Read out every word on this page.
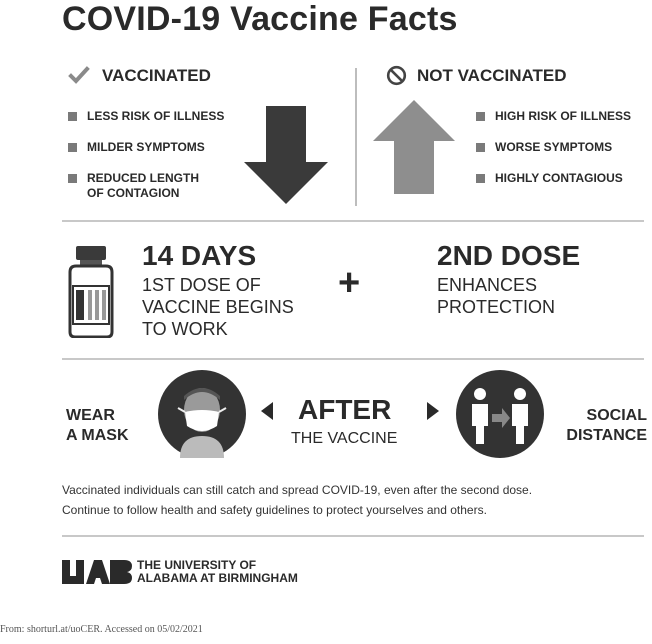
COVID-19 Vaccine Facts
VACCINATED
LESS RISK OF ILLNESS
MILDER SYMPTOMS
REDUCED LENGTH OF CONTAGION
NOT VACCINATED
HIGH RISK OF ILLNESS
WORSE SYMPTOMS
HIGHLY CONTAGIOUS
14 DAYS
1ST DOSE OF
VACCINE BEGINS
TO WORK
+
2ND DOSE
ENHANCES
PROTECTION
WEAR
A MASK
AFTER
THE VACCINE
SOCIAL
DISTANCE
Vaccinated individuals can still catch and spread COVID-19, even after the second dose.
Continue to follow health and safety guidelines to protect yourselves and others.
THE UNIVERSITY OF
ALABAMA AT BIRMINGHAM
From: shorturl.at/uoCER. Accessed on 05/02/2021
